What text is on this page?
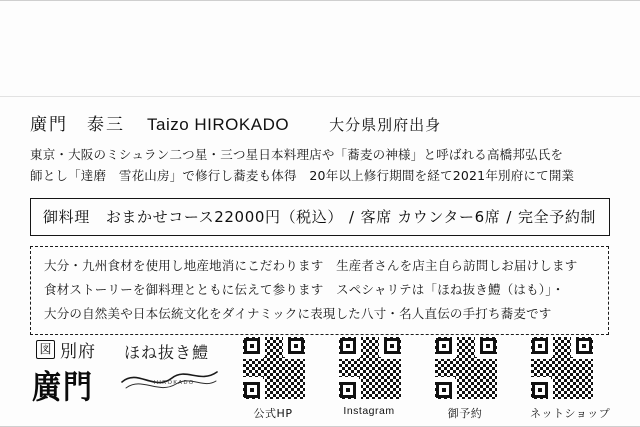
廣門　泰三 Taizo HIROKADO	大分県別府出身
東京・大阪のミシュラン二つ星・三つ星日本料理店や「蕎麦の神様」と呼ばれる高橋邦弘氏を
師とし「達磨　雪花山房」で修行し蕎麦も体得　20年以上修行期間を経て2021年別府にて開業
御料理 おまかせコース22000円（税込） / 客席 カウンター6席 / 完全予約制

大分・九州食材を使用し地産地消にこだわります　生産者さんを店主自ら訪問しお届けします

食材ストーリーを御料理とともに伝えて参ります　スペシャリテは「ほね抜き鱧（はも）」・

大分の自然美や日本伝統文化をダイナミックに表現した八寸・名人直伝の手打ち蕎麦です

図 別府
廣門
ほね抜き鱧
HIROKADO
公式HP	Instagram	御予約	ネットショップ
